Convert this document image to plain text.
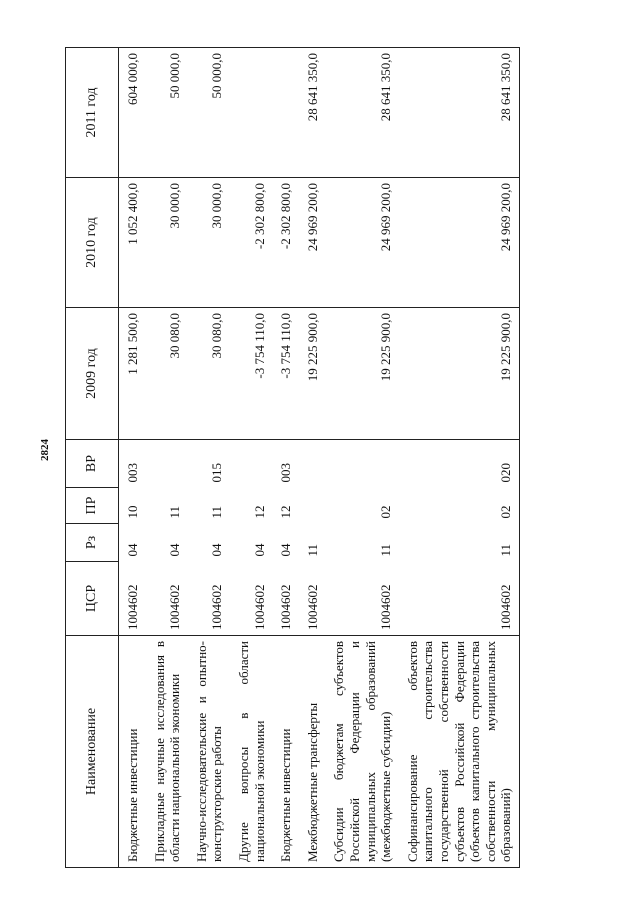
2824
Наименование	ЦСР	Рз	ПР	ВР	2009 год	2010 год	2011 год
Бюджетные инвестиции	1004602	04	10	003	1 281 500,0	1 052 400,0	604 000,0
Прикладные научные исследования в области национальной экономики	1004602	04	11		30 080,0	30 000,0	50 000,0
Научно-исследовательские и опытно-конструкторские работы	1004602	04	11	015	30 080,0	30 000,0	50 000,0
Другие вопросы в области национальной экономики	1004602	04	12		-3 754 110,0	-2 302 800,0	
Бюджетные инвестиции	1004602	04	12	003	-3 754 110,0	-2 302 800,0	
Межбюджетные трансферты	1004602	11			19 225 900,0	24 969 200,0	28 641 350,0
Субсидии бюджетам субъектов Российской Федерации и муниципальных образований (межбюджетные субсидии)	1004602	11	02		19 225 900,0	24 969 200,0	28 641 350,0
Софинансирование объектов капитального строительства государственной собственности субъектов Российской Федерации (объектов капитального строительства собственности муниципальных образований)	1004602	11	02	020	19 225 900,0	24 969 200,0	28 641 350,0
